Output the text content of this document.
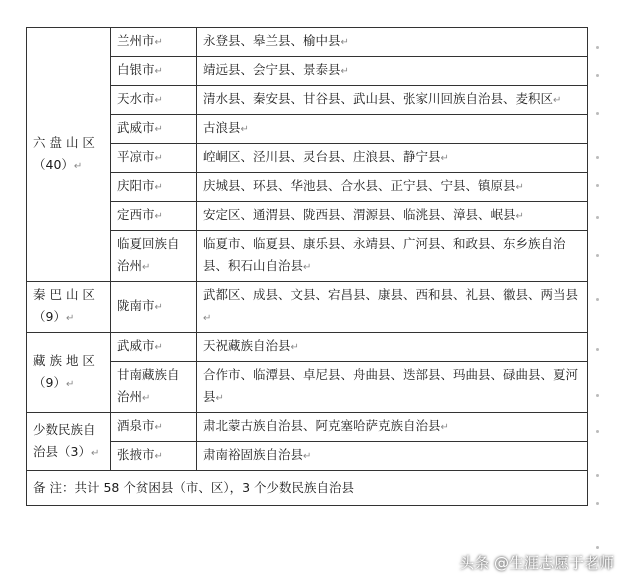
六 盘 山 区（40）↵	兰州市↵	永登县、皋兰县、榆中县↵
	白银市↵	靖远县、会宁县、景泰县↵
	天水市↵	清水县、秦安县、甘谷县、武山县、张家川回族自治县、麦积区↵
	武威市↵	古浪县↵
	平凉市↵	崆峒区、泾川县、灵台县、庄浪县、静宁县↵
	庆阳市↵	庆城县、环县、华池县、合水县、正宁县、宁县、镇原县↵
	定西市↵	安定区、通渭县、陇西县、渭源县、临洮县、漳县、岷县↵
	临夏回族自治州↵	临夏市、临夏县、康乐县、永靖县、广河县、和政县、东乡族自治县、积石山自治县↵
秦 巴 山 区（9）↵	陇南市↵	武都区、成县、文县、宕昌县、康县、西和县、礼县、徽县、两当县↵
藏 族 地 区（9）↵	武威市↵	天祝藏族自治县↵
	甘南藏族自治州↵	合作市、临潭县、卓尼县、舟曲县、迭部县、玛曲县、碌曲县、夏河县↵
少数民族自治县（3）↵	酒泉市↵	肃北蒙古族自治县、阿克塞哈萨克族自治县↵
	张掖市↵	肃南裕固族自治县↵
备 注：共计 58 个贫困县（市、区），3 个少数民族自治县		
头条 @生涯志愿于老师
